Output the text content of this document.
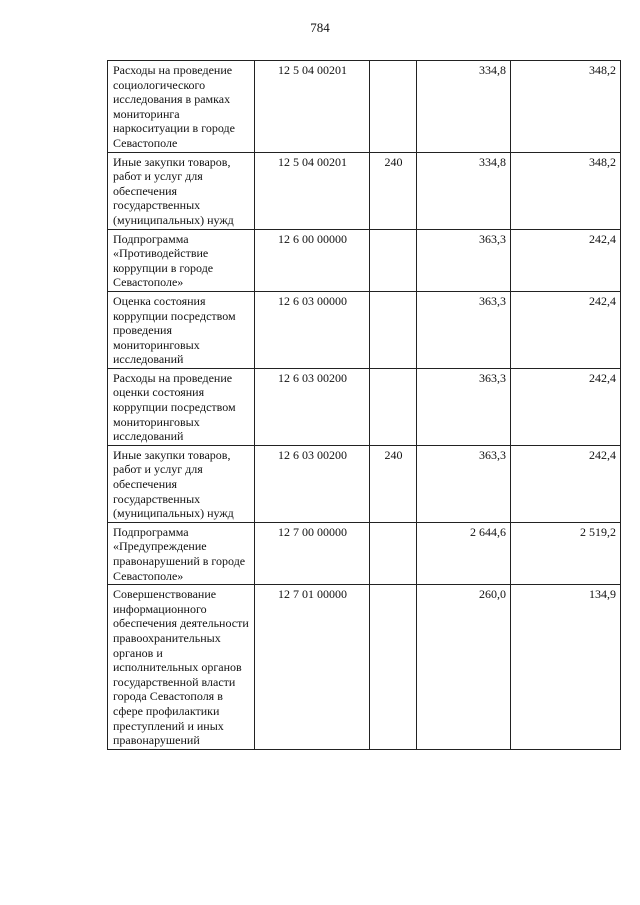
784
Расходы на проведение социологического исследования в рамках мониторинга наркоситуации в городе Севастополе	12 5 04 00201		334,8	348,2
Иные закупки товаров, работ и услуг для обеспечения государственных (муниципальных) нужд	12 5 04 00201	240	334,8	348,2
Подпрограмма «Противодействие коррупции в городе Севастополе»	12 6 00 00000		363,3	242,4
Оценка состояния коррупции посредством проведения мониторинговых исследований	12 6 03 00000		363,3	242,4
Расходы на проведение оценки состояния коррупции посредством мониторинговых исследований	12 6 03 00200		363,3	242,4
Иные закупки товаров, работ и услуг для обеспечения государственных (муниципальных) нужд	12 6 03 00200	240	363,3	242,4
Подпрограмма «Предупреждение правонарушений в городе Севастополе»	12 7 00 00000		2 644,6	2 519,2
Совершенствование информационного обеспечения деятельности правоохранительных органов и исполнительных органов государственной власти города Севастополя в сфере профилактики преступлений и иных правонарушений	12 7 01 00000		260,0	134,9
